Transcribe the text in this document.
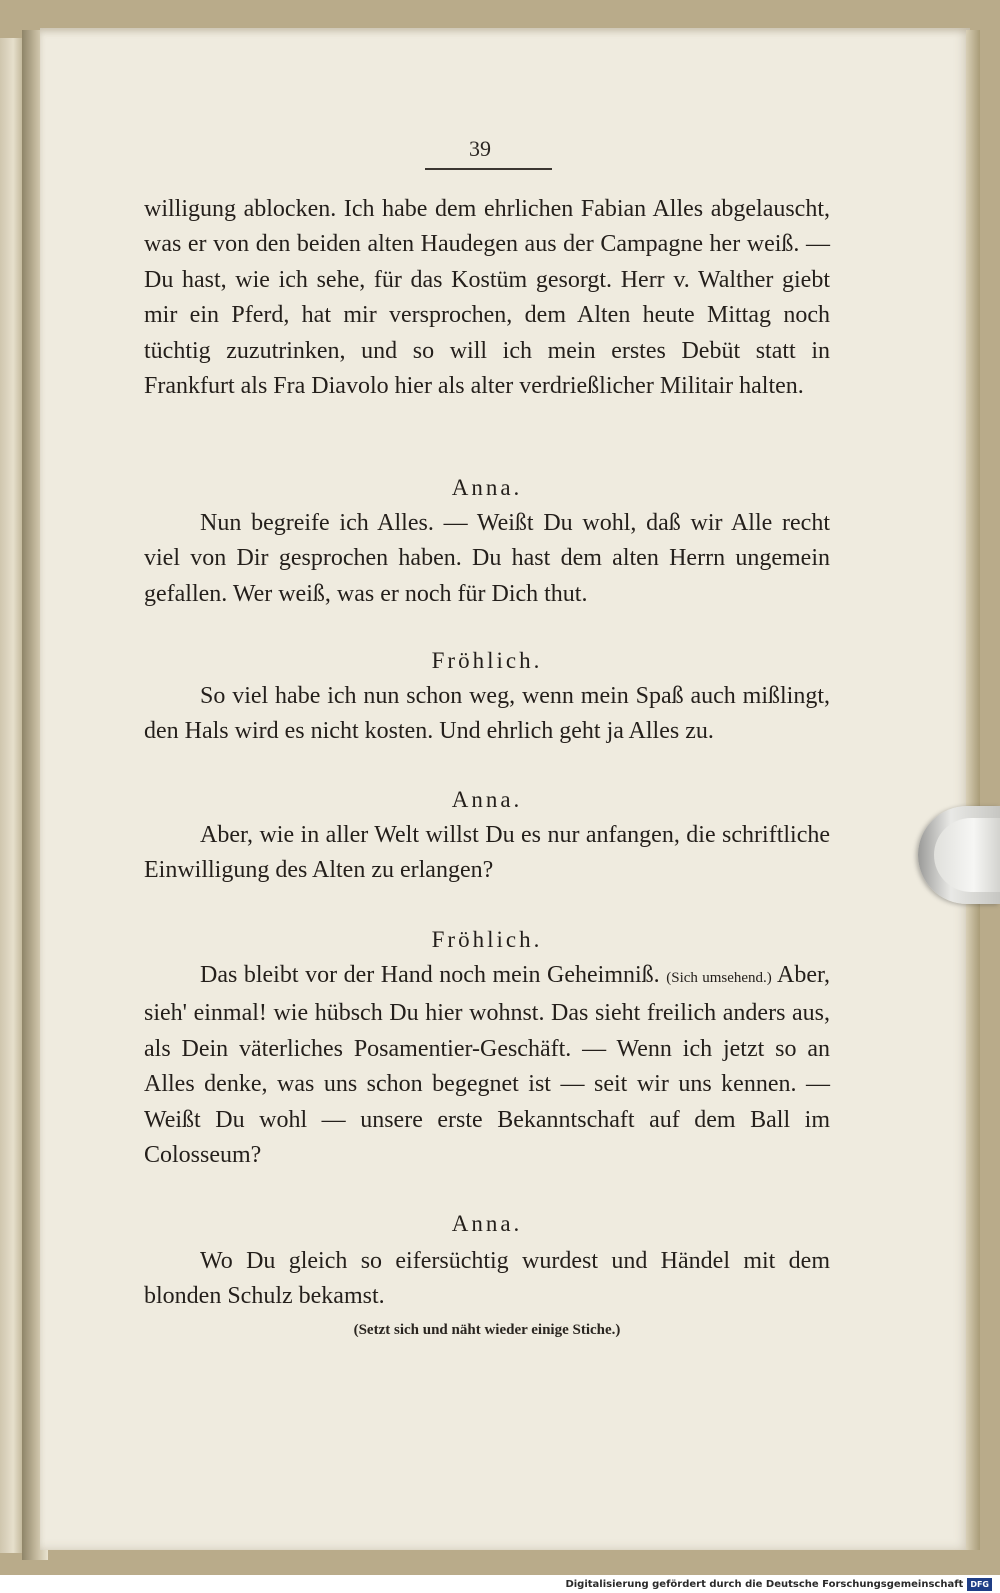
39

willigung ablocken. Ich habe dem ehrlichen Fabian Alles abgelauscht, was er von den beiden alten Haudegen aus der Campagne her weiß. — Du hast, wie ich sehe, für das Kostüm gesorgt. Herr v. Walther giebt mir ein Pferd, hat mir versprochen, dem Alten heute Mittag noch tüchtig zuzutrinken, und so will ich mein erstes Debüt statt in Frankfurt als Fra Diavolo hier als alter verdrießlicher Militair halten.

Anna.

Nun begreife ich Alles. — Weißt Du wohl, daß wir Alle recht viel von Dir gesprochen haben. Du hast dem alten Herrn ungemein gefallen. Wer weiß, was er noch für Dich thut.

Fröhlich.

So viel habe ich nun schon weg, wenn mein Spaß auch mißlingt, den Hals wird es nicht kosten. Und ehrlich geht ja Alles zu.

Anna.

Aber, wie in aller Welt willst Du es nur anfangen, die schriftliche Einwilligung des Alten zu erlangen?

Fröhlich.

Das bleibt vor der Hand noch mein Geheimniß. (Sich umsehend.) Aber, sieh' einmal! wie hübsch Du hier wohnst. Das sieht freilich anders aus, als Dein väterliches Posamentier-Geschäft. — Wenn ich jetzt so an Alles denke, was uns schon begegnet ist — seit wir uns kennen. — Weißt Du wohl — unsere erste Bekanntschaft auf dem Ball im Colosseum?

Anna.

Wo Du gleich so eifersüchtig wurdest und Händel mit dem blonden Schulz bekamst.

(Setzt sich und näht wieder einige Stiche.)
Digitalisierung gefördert durch die Deutsche Forschungsgemeinschaft DFG
